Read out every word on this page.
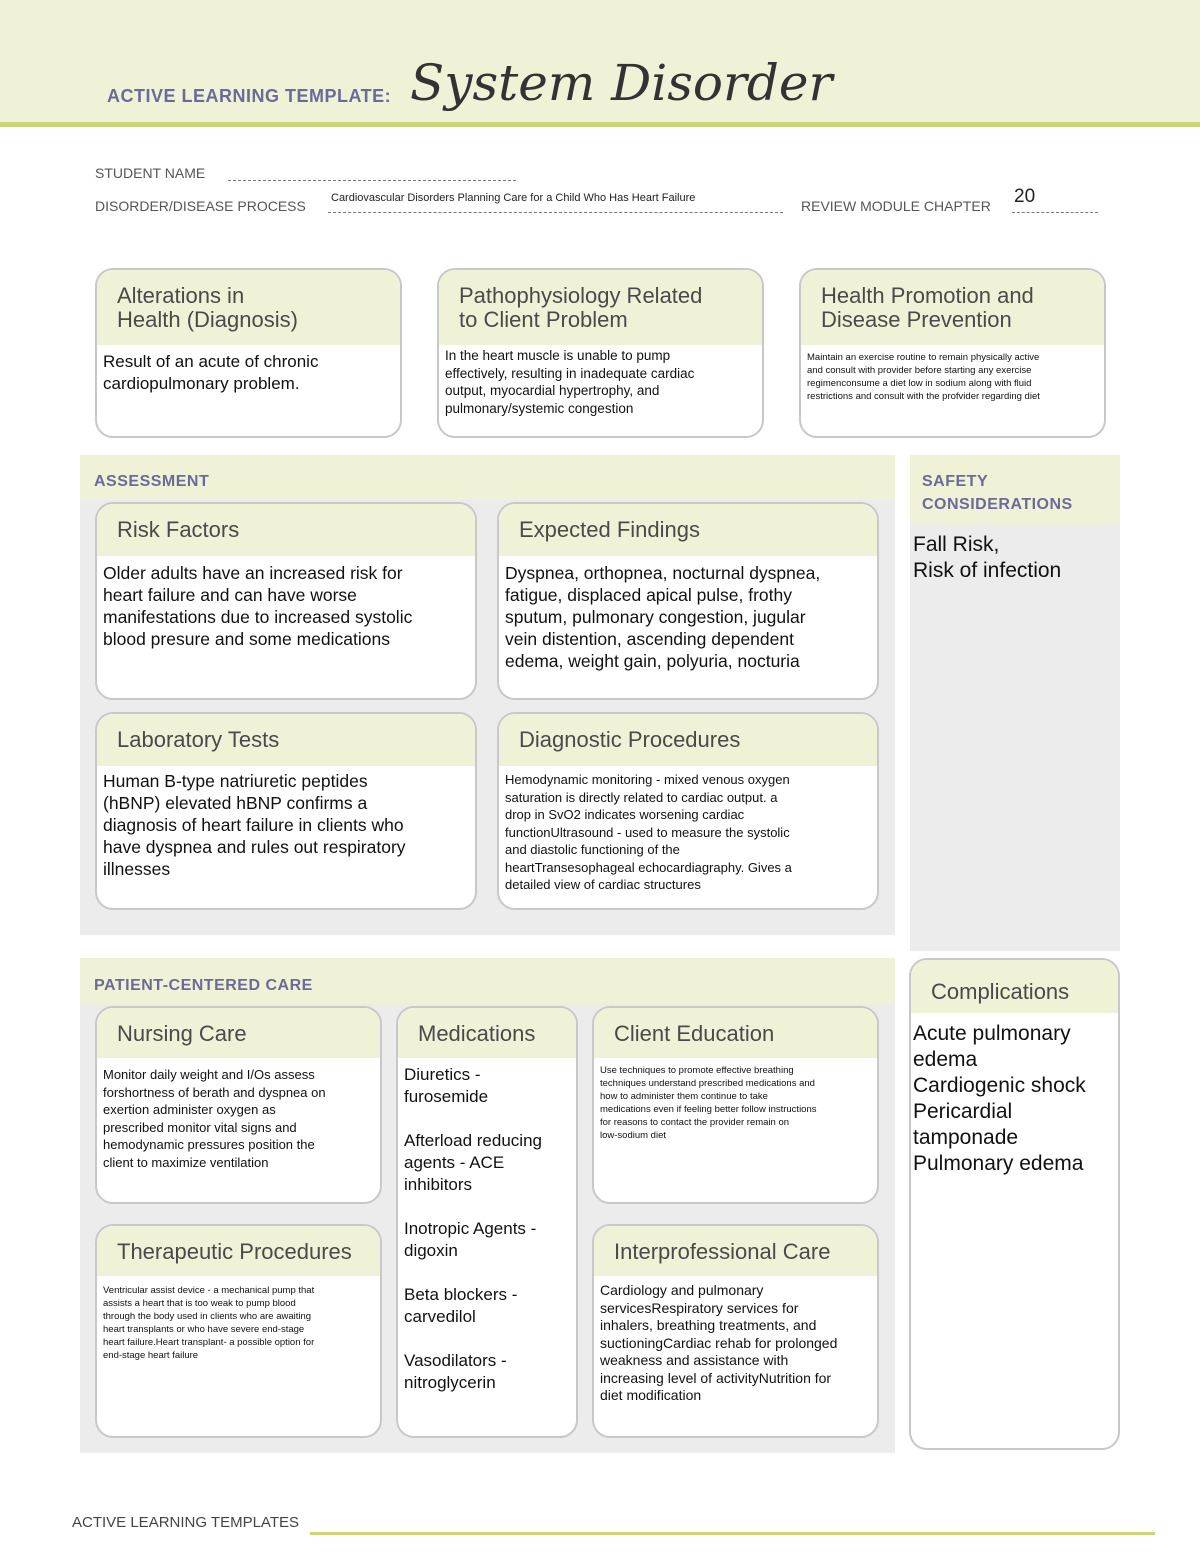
ACTIVE LEARNING TEMPLATE: System Disorder
STUDENT NAME
DISORDER/DISEASE PROCESS Cardiovascular Disorders Planning Care for a Child Who Has Heart Failure	REVIEW MODULE CHAPTER 20
Alterations in
Health (Diagnosis)
Result of an acute of chronic
cardiopulmonary problem.
Pathophysiology Related
to Client Problem
In the heart muscle is unable to pump
effectively, resulting in inadequate cardiac
output, myocardial hypertrophy, and
pulmonary/systemic congestion
Health Promotion and
Disease Prevention
Maintain an exercise routine to remain physically active
and consult with provider before starting any exercise
regimenconsume a diet low in sodium along with fluid
restrictions and consult with the profvider regarding diet
ASSESSMENT
Risk Factors
Older adults have an increased risk for
heart failure and can have worse
manifestations due to increased systolic
blood presure and some medications
Expected Findings
Dyspnea, orthopnea, nocturnal dyspnea,
fatigue, displaced apical pulse, frothy
sputum, pulmonary congestion, jugular
vein distention, ascending dependent
edema, weight gain, polyuria, nocturia
Laboratory Tests
Human B-type natriuretic peptides
(hBNP) elevated hBNP confirms a
diagnosis of heart failure in clients who
have dyspnea and rules out respiratory
illnesses
Diagnostic Procedures
Hemodynamic monitoring - mixed venous oxygen
saturation is directly related to cardiac output. a
drop in SvO2 indicates worsening cardiac
functionUltrasound - used to measure the systolic
and diastolic functioning of the
heartTransesophageal echocardiagraphy. Gives a
detailed view of cardiac structures
SAFETY
CONSIDERATIONS
Fall Risk,
Risk of infection
PATIENT-CENTERED CARE
Nursing Care
Monitor daily weight and I/Os assess
forshortness of berath and dyspnea on
exertion administer oxygen as
prescribed monitor vital signs and
hemodynamic pressures position the
client to maximize ventilation
Medications
Diuretics -
furosemide

Afterload reducing
agents - ACE
inhibitors

Inotropic Agents -
digoxin

Beta blockers -
carvedilol

Vasodilators -
nitroglycerin
Client Education
Use techniques to promote effective breathing
techniques understand prescribed medications and
how to administer them continue to take
medications even if feeling better follow instructions
for reasons to contact the provider remain on
low-sodium diet
Therapeutic Procedures
Ventricular assist device - a mechanical pump that
assists a heart that is too weak to pump blood
through the body used in clients who are awaiting
heart transplants or who have severe end-stage
heart failure.Heart transplant- a possible option for
end-stage heart failure
Interprofessional Care
Cardiology and pulmonary
servicesRespiratory services for
inhalers, breathing treatments, and
suctioningCardiac rehab for prolonged
weakness and assistance with
increasing level of activityNutrition for
diet modification
Complications
Acute pulmonary
edema
Cardiogenic shock
Pericardial
tamponade
Pulmonary edema
ACTIVE LEARNING TEMPLATES
